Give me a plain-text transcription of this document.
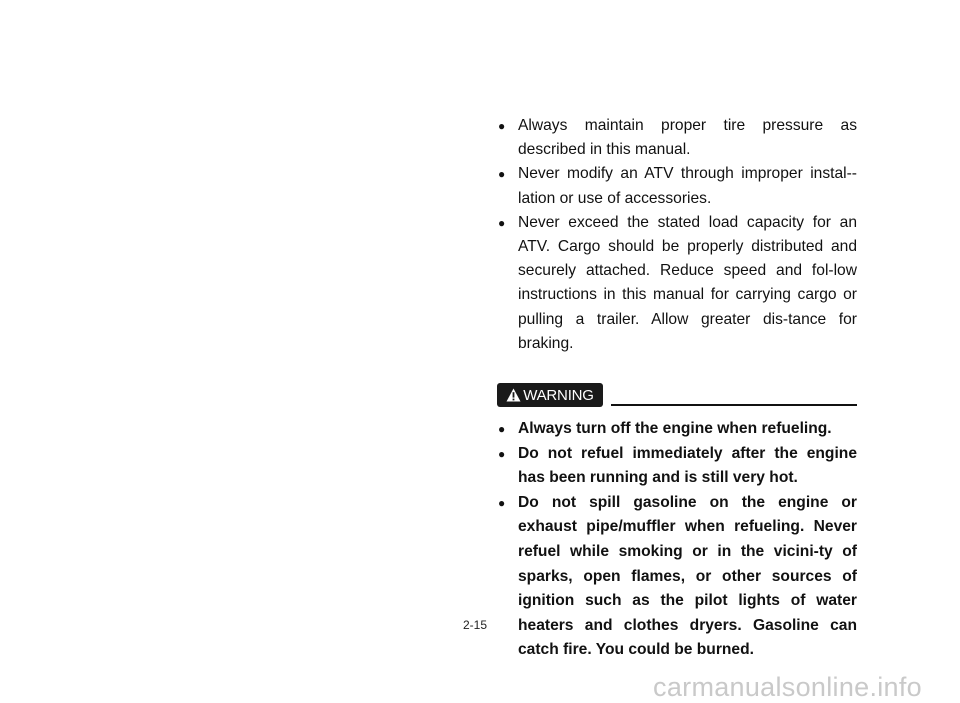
● Always maintain proper tire pressure as described in this manual.
● Never modify an ATV through improper instal-lation or use of accessories.
● Never exceed the stated load capacity for an ATV. Cargo should be properly distributed and securely attached. Reduce speed and fol-low instructions in this manual for carrying cargo or pulling a trailer. Allow greater dis-tance for braking.
WARNING
● Always turn off the engine when refueling.
● Do not refuel immediately after the engine has been running and is still very hot.
● Do not spill gasoline on the engine or exhaust pipe/muffler when refueling. Never refuel while smoking or in the vicini-ty of sparks, open flames, or other sources of ignition such as the pilot lights of water heaters and clothes dryers. Gasoline can catch fire. You could be burned.
2-15
carmanualsonline.info
